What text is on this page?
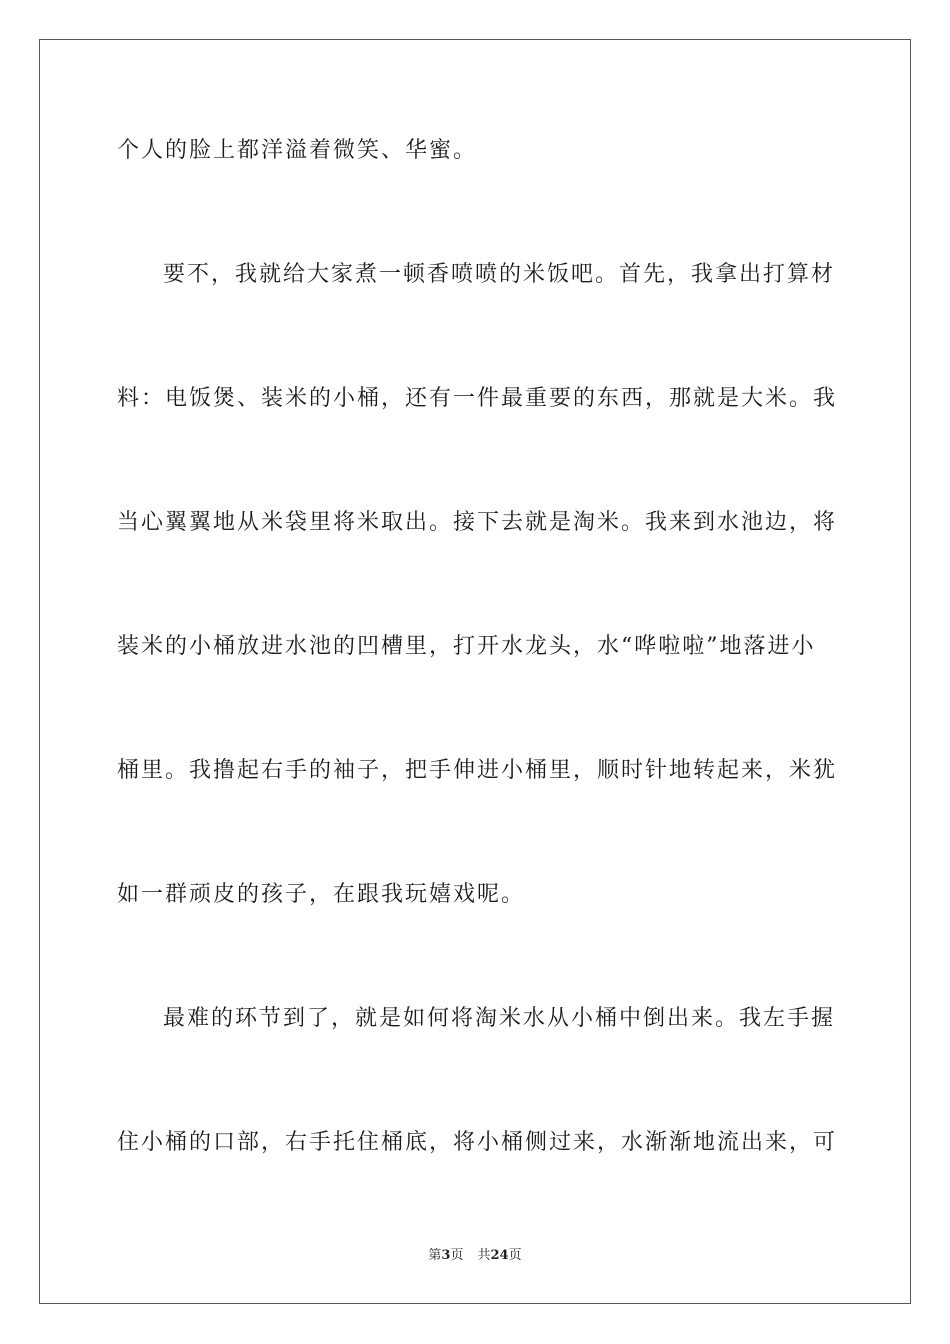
个人的脸上都洋溢着微笑、华蜜。
要不，我就给大家煮一顿香喷喷的米饭吧。首先，我拿出打算材
料：电饭煲、装米的小桶，还有一件最重要的东西，那就是大米。我
当心翼翼地从米袋里将米取出。接下去就是淘米。我来到水池边，将
装米的小桶放进水池的凹槽里，打开水龙头，水“哗啦啦”地落进小
桶里。我撸起右手的袖子，把手伸进小桶里，顺时针地转起来，米犹
如一群顽皮的孩子，在跟我玩嬉戏呢。
最难的环节到了，就是如何将淘米水从小桶中倒出来。我左手握
住小桶的口部，右手托住桶底，将小桶侧过来，水渐渐地流出来，可
第3页 共24页
